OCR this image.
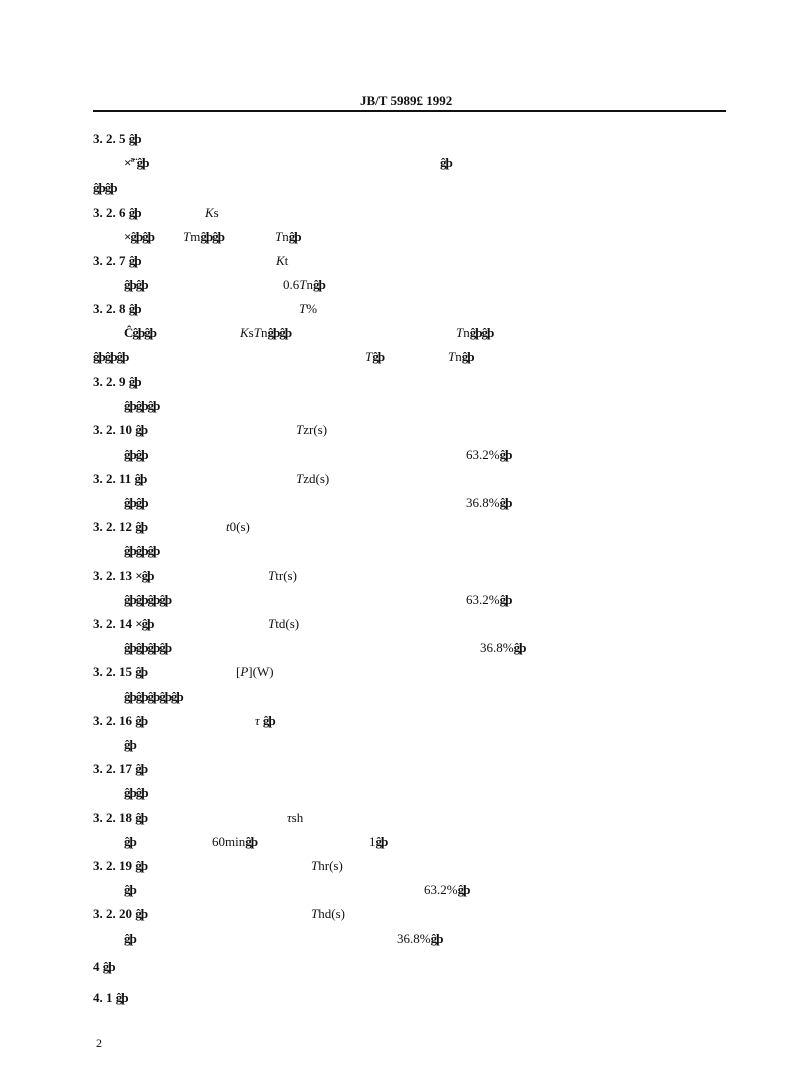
JB/T 5989£ 1992
3. 2. 5 ĝþ
×ª¨ĝþ	ĝþ
ĝþĝþ
3. 2. 6 ĝþ	Ks
×ĝþĝþ Tmĝþĝþ	Tnĝþ
3. 2. 7 ĝþ	Kt
ĝþĝþ	0.6Tnĝþ
3. 2. 8 ĝþ	T%
Ĉĝþĝþ	KsTnĝþĝþ	Tnĝþĝþ
ĝþĝþĝþ	Tĝþ	Tnĝþ
3. 2. 9 ĝþ
ĝþĝþĝþ
3. 2. 10 ĝþ	Tzr(s)
ĝþĝþ	63.2%ĝþ
3. 2. 11 ĝþ	Tzd(s)
ĝþĝþ	36.8%ĝþ
3. 2. 12 ĝþ	t0(s)
ĝþĝþĝþ
3. 2. 13 ×ĝþ	Ttr(s)
ĝþĝþĝþĝþ	63.2%ĝþ
3. 2. 14 ×ĝþ	Ttd(s)
ĝþĝþĝþĝþ	36.8%ĝþ
3. 2. 15 ĝþ	[P](W)
ĝþĝþĝþĝþĝþ
3. 2. 16 ĝþ	τ ĝþ
ĝþ
3. 2. 17 ĝþ
ĝþĝþ
3. 2. 18 ĝþ	τsh
ĝþ	60minĝþ	1ĝþ
3. 2. 19 ĝþ	Thr(s)
ĝþ	63.2%ĝþ
3. 2. 20 ĝþ	Thd(s)
ĝþ	36.8%ĝþ
4 ĝþ
4. 1 ĝþ
2
